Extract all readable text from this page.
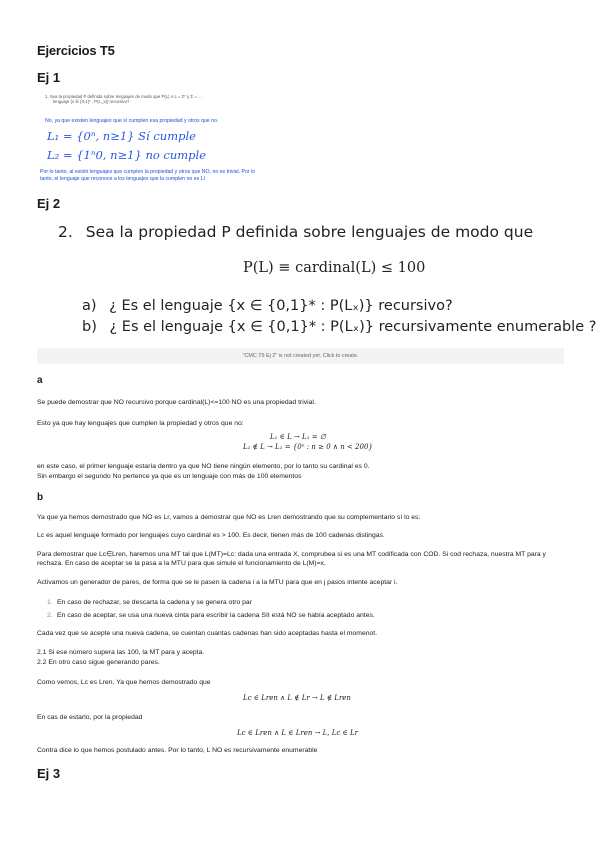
Ejercicios T5
Ej 1
1. Sea la propiedad P definida sobre lenguajes de modo que P(L) ≡ L = Σ* y Σ = ...
lenguaje {x ∈ {0,1}* : P(L_x)} recursivo?
No, ya que existen lenguajes que sí cumplen esa propiedad y otros que no.
L₁ = {0ⁿ, n≥1} Sí cumple
L₂ = {1ⁿ0, n≥1} no cumple
Por lo tanto, al existir lenguajes que cumplen la propiedad y otros que NO, no es trivial. Por lo tanto, el lenguaje que reconoce a los lenguajes que la cumplen no es LI
Ej 2
2. Sea la propiedad P definida sobre lenguajes de modo que
P(L) ≡ cardinal(L) ≤ 100
a) ¿ Es el lenguaje {x ∈ {0,1}* : P(Lₓ)} recursivo?
b) ¿ Es el lenguaje {x ∈ {0,1}* : P(Lₓ)} recursivamente enumerable ?
"CMC T5 Ej 2" is not created yet. Click to create.
a
Se puede demostrar que NO recursivo porque cardinal(L)<=100 NO es una propiedad trivial.
Esto ya que hay lenguajes que cumplen la propiedad y otros que no:
L₁ ∈ L → L₁ = ∅
L₂ ∉ L → L₁ = {0ⁿ : n ≥ 0 ∧ n < 200}
en este caso, el primer lenguaje estaría dentro ya que NO tiene ningún elemento, por lo tanto su cardinal es 0.
Sin embargo el segundo No pertence ya que es un lenguaje con más de 100 elementos
b
Ya que ya hemos demostrado que NO es Lr, vamos a demostrar que NO es Lren demostrando que su complementario sí lo es:
Lc es aquel lenguaje formado por lenguajes cuyo cardinal es > 100. Es decir, tienen más de 100 cadenas distingas.
Para demostrar que Lc∈Lren, haremos una MT tal que L(MT)=Lc: dada una entrada X, comprubea si es una MT codificada con COD. Si cod rechaza, nuestra MT para y rechaza. En caso de aceptar se la pasa a la MTU para que simule el funcionamiento de L(M)=x.
Activamos un generador de pares, de forma que se le pasen la cadena i a la MTU para que en j pasos intente aceptar i.
1. En caso de rechazar, se descarta la cadena y se genera otro par
2. En caso de aceptar, se usa una nueva cinta para escribir la cadena SII está NO se había aceptado antes.
Cada vez que se acepte una nueva cadena, se cuentan cuantas cadenas han sido aceptadas hasta el momenot.
2.1 Si ese número supera las 100, la MT para y acepta.
2.2 En otro caso sigue generando pares.
Como vemos, Lc es Lren. Ya que hemos demostrado que
Lc ∈ Lren ∧ L ∉ Lr → L ∉ Lren
En cas de estarlo, por la propiedad
Lc ∈ Lren ∧ L ∈ Lren → L, Lc ∈ Lr
Contra dice lo que hemos postulado antes. Por lo tanto, L NO es recursivamente enumerable
Ej 3
